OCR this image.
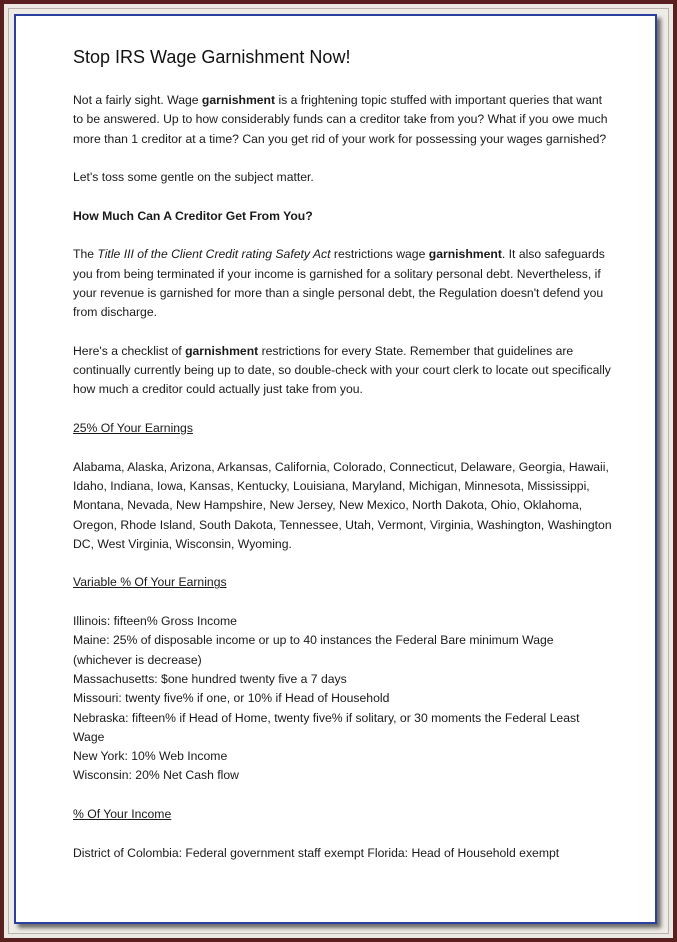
Stop IRS Wage Garnishment Now!

Not a fairly sight. Wage garnishment is a frightening topic stuffed with important queries that want to be answered. Up to how considerably funds can a creditor take from you? What if you owe much more than 1 creditor at a time? Can you get rid of your work for possessing your wages garnished?

Let's toss some gentle on the subject matter.

How Much Can A Creditor Get From You?

The Title III of the Client Credit rating Safety Act restrictions wage garnishment. It also safeguards you from being terminated if your income is garnished for a solitary personal debt. Nevertheless, if your revenue is garnished for more than a single personal debt, the Regulation doesn't defend you from discharge.

Here's a checklist of garnishment restrictions for every State. Remember that guidelines are continually currently being up to date, so double-check with your court clerk to locate out specifically how much a creditor could actually just take from you.

25% Of Your Earnings

Alabama, Alaska, Arizona, Arkansas, California, Colorado, Connecticut, Delaware, Georgia, Hawaii, Idaho, Indiana, Iowa, Kansas, Kentucky, Louisiana, Maryland, Michigan, Minnesota, Mississippi, Montana, Nevada, New Hampshire, New Jersey, New Mexico, North Dakota, Ohio, Oklahoma, Oregon, Rhode Island, South Dakota, Tennessee, Utah, Vermont, Virginia, Washington, Washington DC, West Virginia, Wisconsin, Wyoming.

Variable % Of Your Earnings

Illinois: fifteen% Gross Income
Maine: 25% of disposable income or up to 40 instances the Federal Bare minimum Wage (whichever is decrease)
Massachusetts: $one hundred twenty five a 7 days
Missouri: twenty five% if one, or 10% if Head of Household
Nebraska: fifteen% if Head of Home, twenty five% if solitary, or 30 moments the Federal Least Wage
New York: 10% Web Income
Wisconsin: 20% Net Cash flow

% Of Your Income

District of Colombia: Federal government staff exempt Florida: Head of Household exempt
